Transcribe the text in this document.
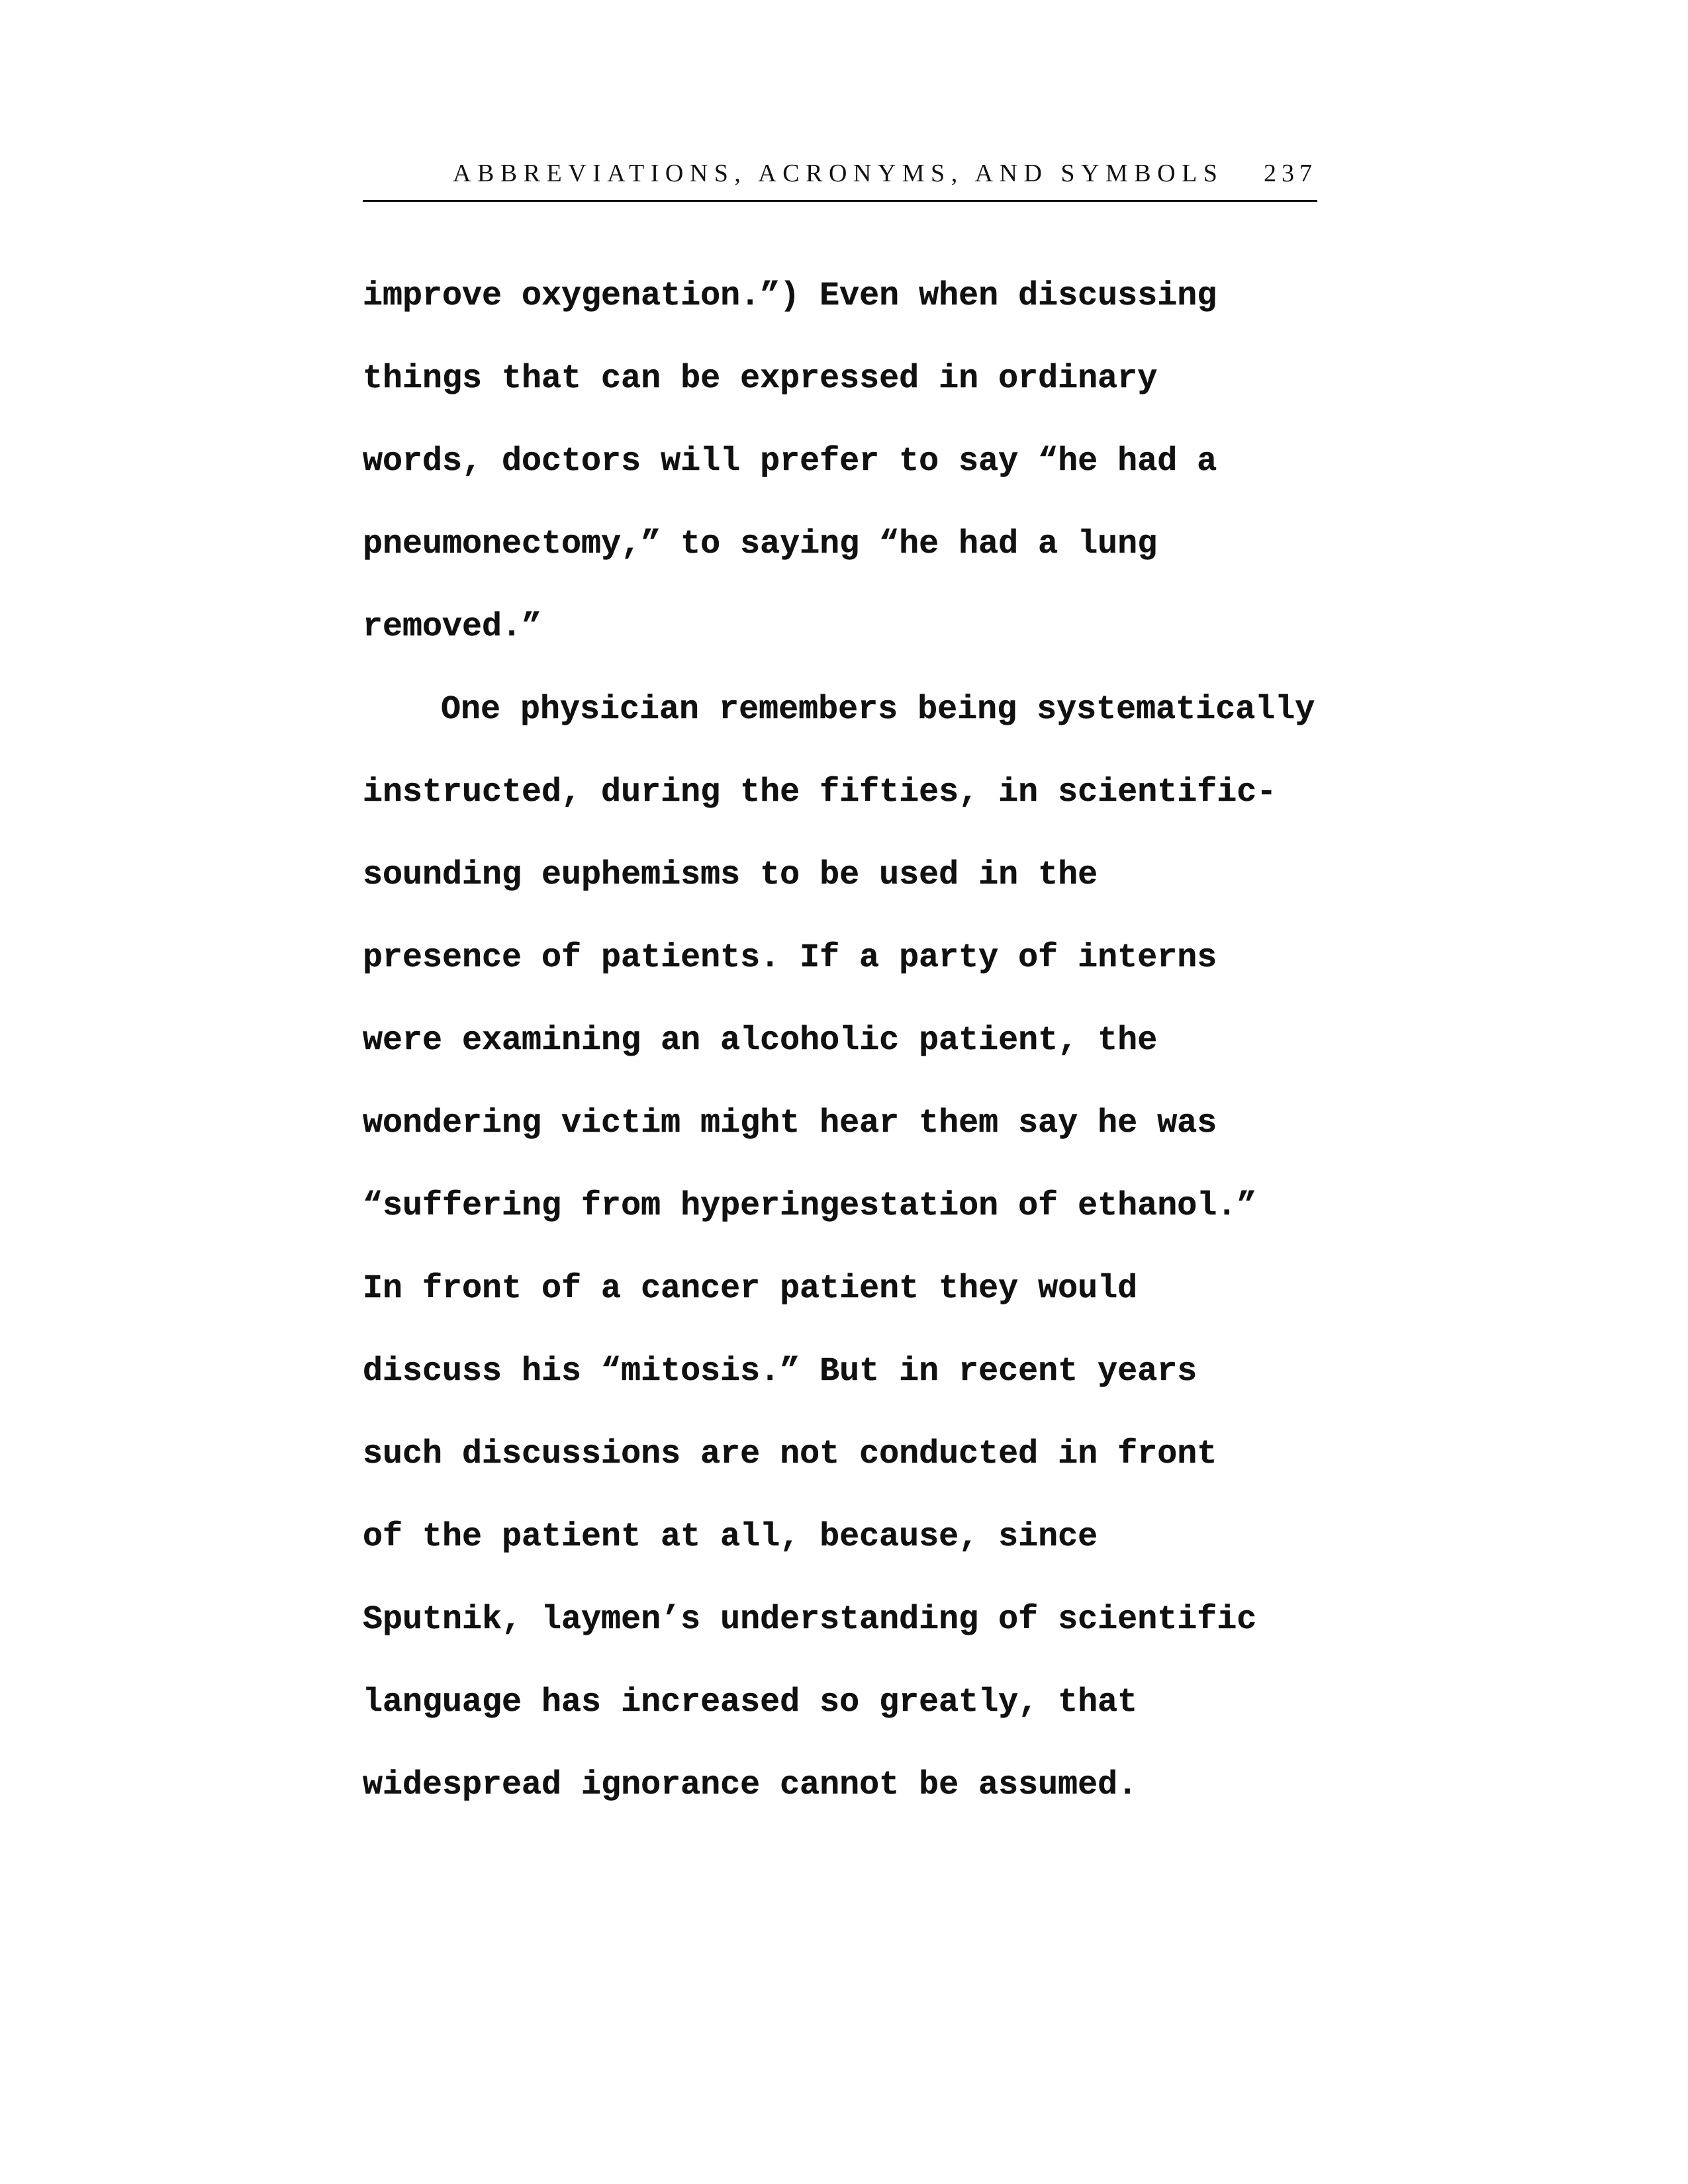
ABBREVIATIONS, ACRONYMS, AND SYMBOLS 237
improve oxygenation.”) Even when discussing
things that can be expressed in ordinary
words, doctors will prefer to say “he had a
pneumonectomy,” to saying “he had a lung
removed.”
One physician remembers being systematically
instructed, during the fifties, in scientific-
sounding euphemisms to be used in the
presence of patients. If a party of interns
were examining an alcoholic patient, the
wondering victim might hear them say he was
“suffering from hyperingestation of ethanol.”
In front of a cancer patient they would
discuss his “mitosis.” But in recent years
such discussions are not conducted in front
of the patient at all, because, since
Sputnik, laymen’s understanding of scientific
language has increased so greatly, that
widespread ignorance cannot be assumed.
